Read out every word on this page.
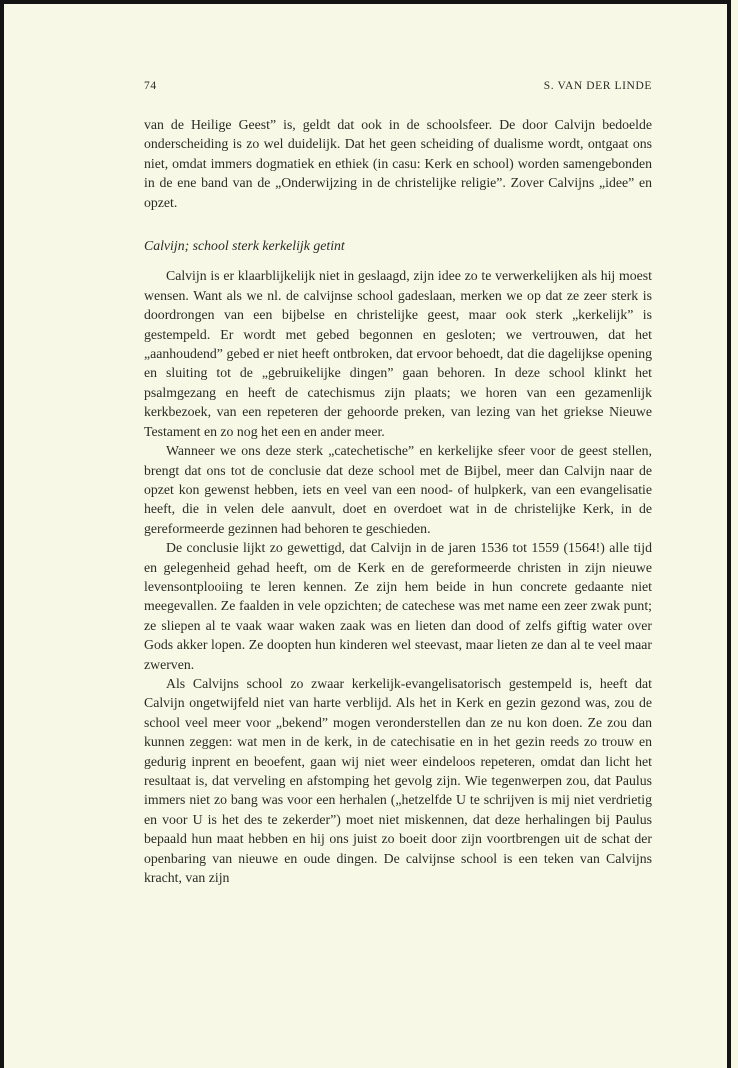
74	S. VAN DER LINDE

van de Heilige Geest” is, geldt dat ook in de schoolsfeer. De door Calvijn bedoelde onderscheiding is zo wel duidelijk. Dat het geen scheiding of dualisme wordt, ontgaat ons niet, omdat immers dogmatiek en ethiek (in casu: Kerk en school) worden samengebonden in de ene band van de „Onderwijzing in de christelijke religie”. Zover Calvijns „idee” en opzet.

Calvijn; school sterk kerkelijk getint

Calvijn is er klaarblijkelijk niet in geslaagd, zijn idee zo te verwerkelijken als hij moest wensen. Want als we nl. de calvijnse school gadeslaan, merken we op dat ze zeer sterk is doordrongen van een bijbelse en christelijke geest, maar ook sterk „kerkelijk” is gestempeld. Er wordt met gebed begonnen en gesloten; we vertrouwen, dat het „aanhoudend” gebed er niet heeft ontbroken, dat ervoor behoedt, dat die dagelijkse opening en sluiting tot de „gebruikelijke dingen” gaan behoren. In deze school klinkt het psalmgezang en heeft de catechismus zijn plaats; we horen van een gezamenlijk kerkbezoek, van een repeteren der gehoorde preken, van lezing van het griekse Nieuwe Testament en zo nog het een en ander meer.

Wanneer we ons deze sterk „catechetische” en kerkelijke sfeer voor de geest stellen, brengt dat ons tot de conclusie dat deze school met de Bijbel, meer dan Calvijn naar de opzet kon gewenst hebben, iets en veel van een nood- of hulpkerk, van een evangelisatie heeft, die in velen dele aanvult, doet en overdoet wat in de christelijke Kerk, in de gereformeerde gezinnen had behoren te geschieden.

De conclusie lijkt zo gewettigd, dat Calvijn in de jaren 1536 tot 1559 (1564!) alle tijd en gelegenheid gehad heeft, om de Kerk en de gereformeerde christen in zijn nieuwe levensontplooiing te leren kennen. Ze zijn hem beide in hun concrete gedaante niet meegevallen. Ze faalden in vele opzichten; de catechese was met name een zeer zwak punt; ze sliepen al te vaak waar waken zaak was en lieten dan dood of zelfs giftig water over Gods akker lopen. Ze doopten hun kinderen wel steevast, maar lieten ze dan al te veel maar zwerven.

Als Calvijns school zo zwaar kerkelijk-evangelisatorisch gestempeld is, heeft dat Calvijn ongetwijfeld niet van harte verblijd. Als het in Kerk en gezin gezond was, zou de school veel meer voor „bekend” mogen veronderstellen dan ze nu kon doen. Ze zou dan kunnen zeggen: wat men in de kerk, in de catechisatie en in het gezin reeds zo trouw en gedurig inprent en beoefent, gaan wij niet weer eindeloos repeteren, omdat dan licht het resultaat is, dat verveling en afstomping het gevolg zijn. Wie tegenwerpen zou, dat Paulus immers niet zo bang was voor een herhalen („hetzelfde U te schrijven is mij niet verdrietig en voor U is het des te zekerder”) moet niet miskennen, dat deze herhalingen bij Paulus bepaald hun maat hebben en hij ons juist zo boeit door zijn voortbrengen uit de schat der openbaring van nieuwe en oude dingen. De calvijnse school is een teken van Calvijns kracht, van zijn
